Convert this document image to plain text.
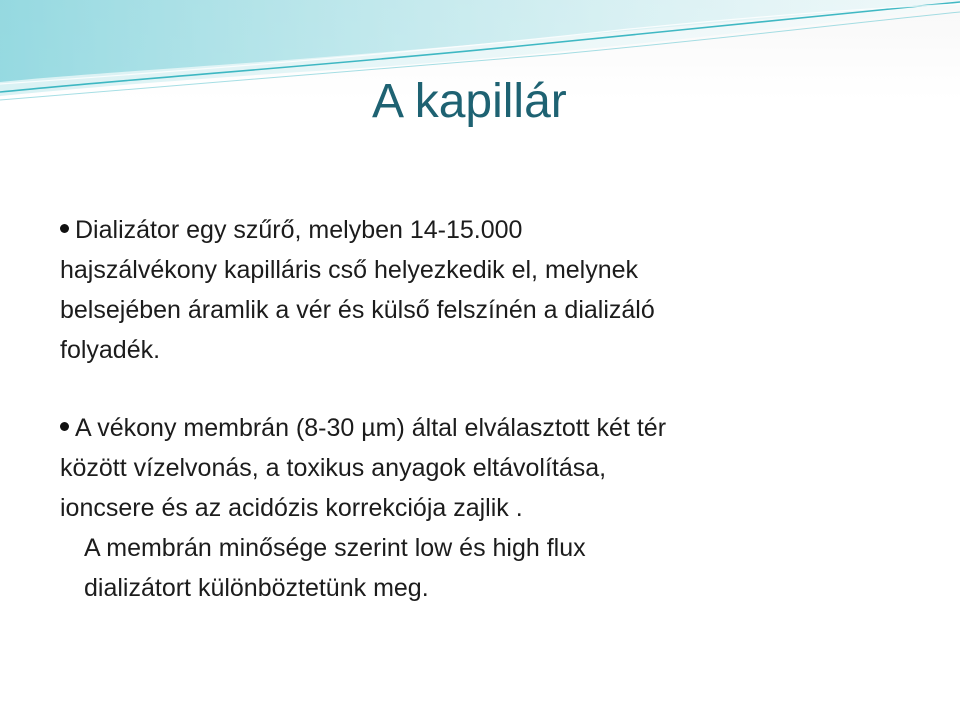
A kapillár
Dializátor egy szűrő, melyben 14-15.000
hajszálvékony kapilláris cső helyezkedik el, melynek
belsejében áramlik a vér és külső felszínén a dializáló
folyadék.
A vékony membrán (8-30 µm) által elválasztott két tér
között vízelvonás, a toxikus anyagok eltávolítása,
ioncsere és az acidózis korrekciója zajlik .
A membrán minősége szerint low és high flux
dializátort különböztetünk meg.
